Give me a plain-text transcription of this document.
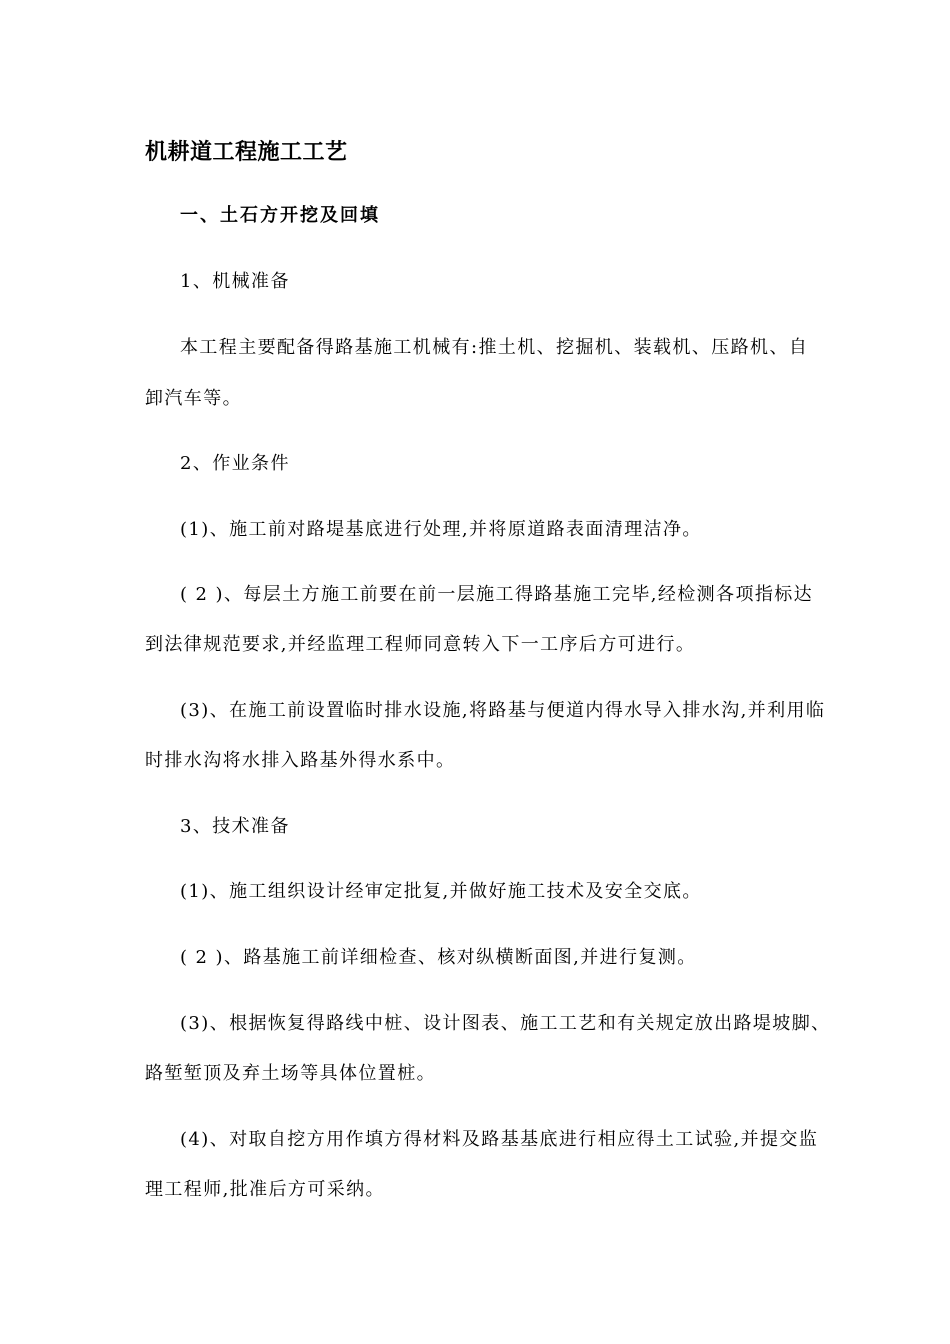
机耕道工程施工工艺
一、土石方开挖及回填
1、机械准备
本工程主要配备得路基施工机械有:推土机、挖掘机、装载机、压路机、自
卸汽车等。
2、作业条件
(1)、施工前对路堤基底进行处理,并将原道路表面清理洁净。
( 2 )、每层土方施工前要在前一层施工得路基施工完毕,经检测各项指标达
到法律规范要求,并经监理工程师同意转入下一工序后方可进行。
(3)、在施工前设置临时排水设施,将路基与便道内得水导入排水沟,并利用临
时排水沟将水排入路基外得水系中。
3、技术准备
(1)、施工组织设计经审定批复,并做好施工技术及安全交底。
( 2 )、路基施工前详细检查、核对纵横断面图,并进行复测。
(3)、根据恢复得路线中桩、设计图表、施工工艺和有关规定放出路堤坡脚、
路堑堑顶及弃土场等具体位置桩。
(4)、对取自挖方用作填方得材料及路基基底进行相应得土工试验,并提交监
理工程师,批准后方可采纳。
